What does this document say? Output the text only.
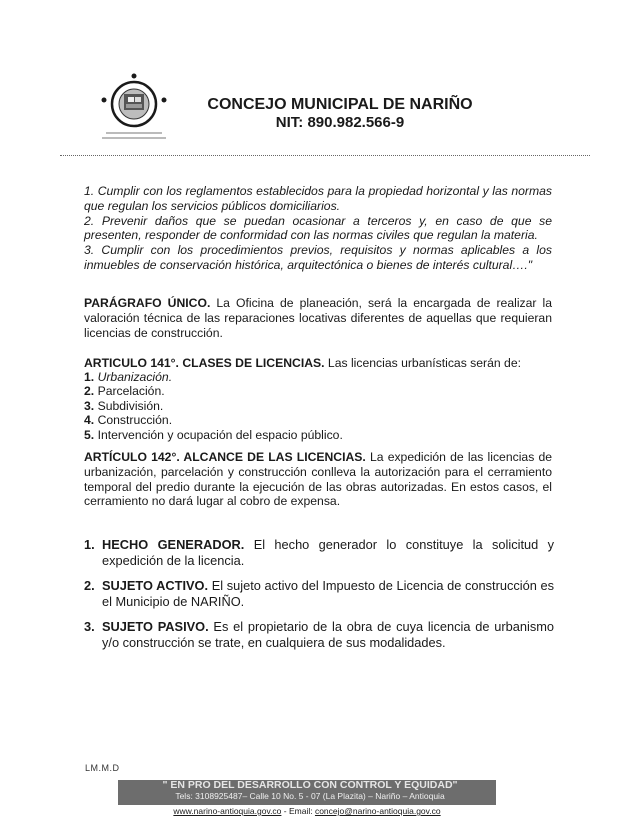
CONCEJO MUNICIPAL DE NARIÑO
NIT: 890.982.566-9

1. Cumplir con los reglamentos establecidos para la propiedad horizontal y las normas que regulan los servicios públicos domiciliarios.

2. Prevenir daños que se puedan ocasionar a terceros y, en caso de que se presenten, responder de conformidad con las normas civiles que regulan la materia.

3. Cumplir con los procedimientos previos, requisitos y normas aplicables a los inmuebles de conservación histórica, arquitectónica o bienes de interés cultural…."

PARÁGRAFO ÚNICO. La Oficina de planeación, será la encargada de realizar la valoración técnica de las reparaciones locativas diferentes de aquellas que requieran licencias de construcción.
ARTICULO 141°. CLASES DE LICENCIAS. Las licencias urbanísticas serán de:
1. Urbanización.
2. Parcelación.
3. Subdivisión.
4. Construcción.
5. Intervención y ocupación del espacio público.
ARTÍCULO 142°. ALCANCE DE LAS LICENCIAS. La expedición de las licencias de urbanización, parcelación y construcción conlleva la autorización para el cerramiento temporal del predio durante la ejecución de las obras autorizadas. En estos casos, el cerramiento no dará lugar al cobro de expensa.
1. HECHO GENERADOR. El hecho generador lo constituye la solicitud y expedición de la licencia.
2. SUJETO ACTIVO. El sujeto activo del Impuesto de Licencia de construcción es el Municipio de NARIÑO.
3. SUJETO PASIVO. Es el propietario de la obra de cuya licencia de urbanismo y/o construcción se trate, en cualquiera de sus modalidades.
LM.M.D
" EN PRO DEL DESARROLLO CON CONTROL Y EQUIDAD"
Tels: 3108925487– Calle 10 No. 5 - 07 (La Plazita) – Nariño – Antioquia
www.narino-antioquia.gov.co - Email: concejo@narino-antioquia.gov.co
